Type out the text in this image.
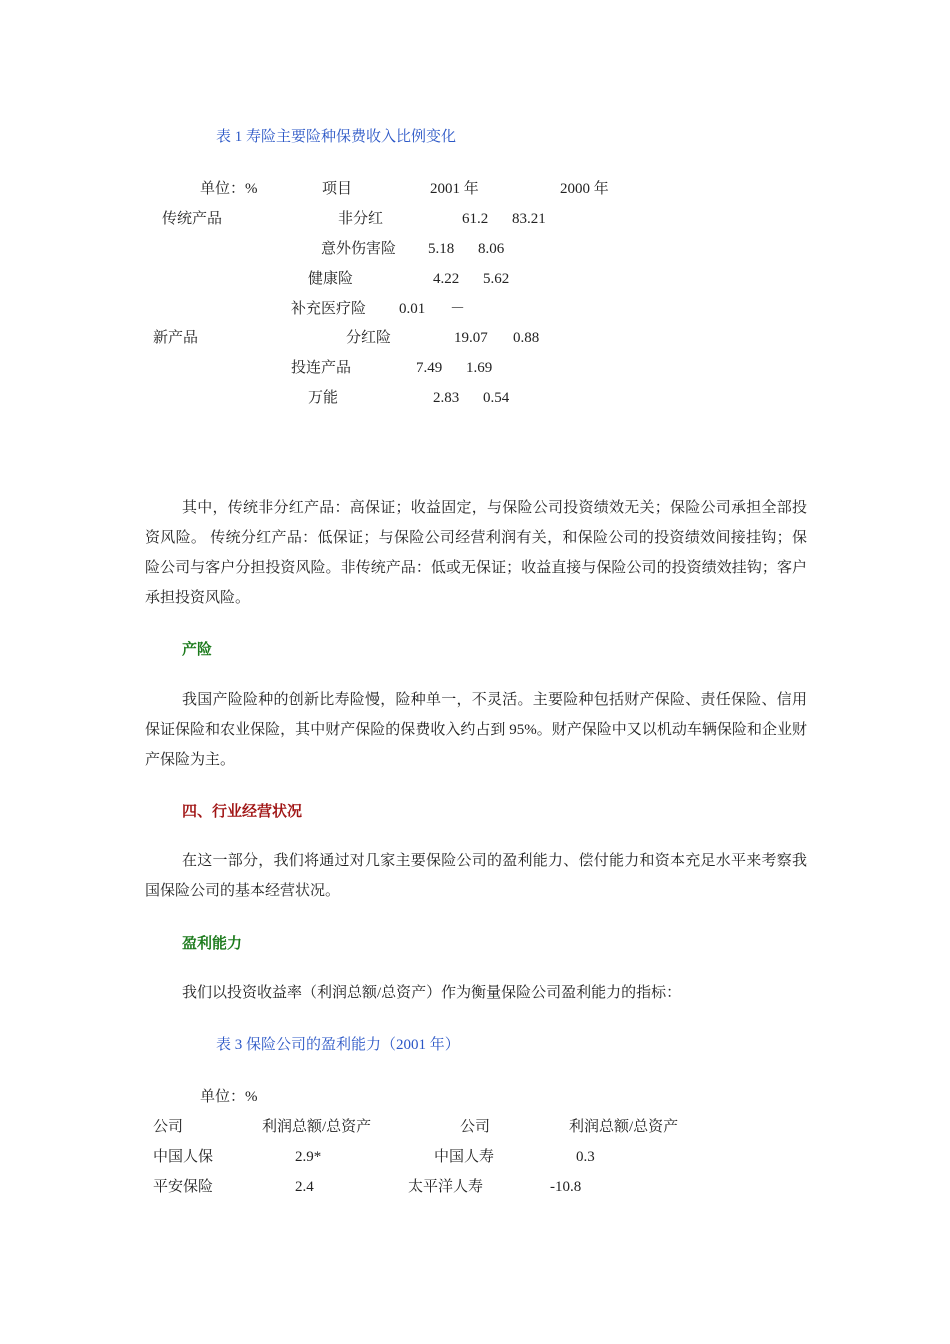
表 1 寿险主要险种保费收入比例变化
单位：%	项目	2001 年	2000 年
传统产品	非分红	61.2 83.21
意外伤害险 5.18 8.06
健康险	4.22 5.62
补充医疗险 0.01 －
新产品	分红险	19.07 0.88
投连产品	7.49 1.69
万能	2.83 0.54

其中，传统非分红产品：高保证；收益固定，与保险公司投资绩效无关；保险公司承担全部投资风险。 传统分红产品：低保证；与保险公司经营利润有关，和保险公司的投资绩效间接挂钩；保险公司与客户分担投资风险。非传统产品：低或无保证；收益直接与保险公司的投资绩效挂钩；客户承担投资风险。

产险

我国产险险种的创新比寿险慢，险种单一，不灵活。主要险种包括财产保险、责任保险、信用保证保险和农业保险，其中财产保险的保费收入约占到 95%。财产保险中又以机动车辆保险和企业财产保险为主。

四、行业经营状况

在这一部分，我们将通过对几家主要保险公司的盈利能力、偿付能力和资本充足水平来考察我国保险公司的基本经营状况。

盈利能力

我们以投资收益率（利润总额/总资产）作为衡量保险公司盈利能力的指标：

表 3 保险公司的盈利能力（2001 年）
单位：%
公司	利润总额/总资产	公司	利润总额/总资产
中国人保	2.9*	中国人寿	0.3
平安保险	2.4	太平洋人寿	-10.8
